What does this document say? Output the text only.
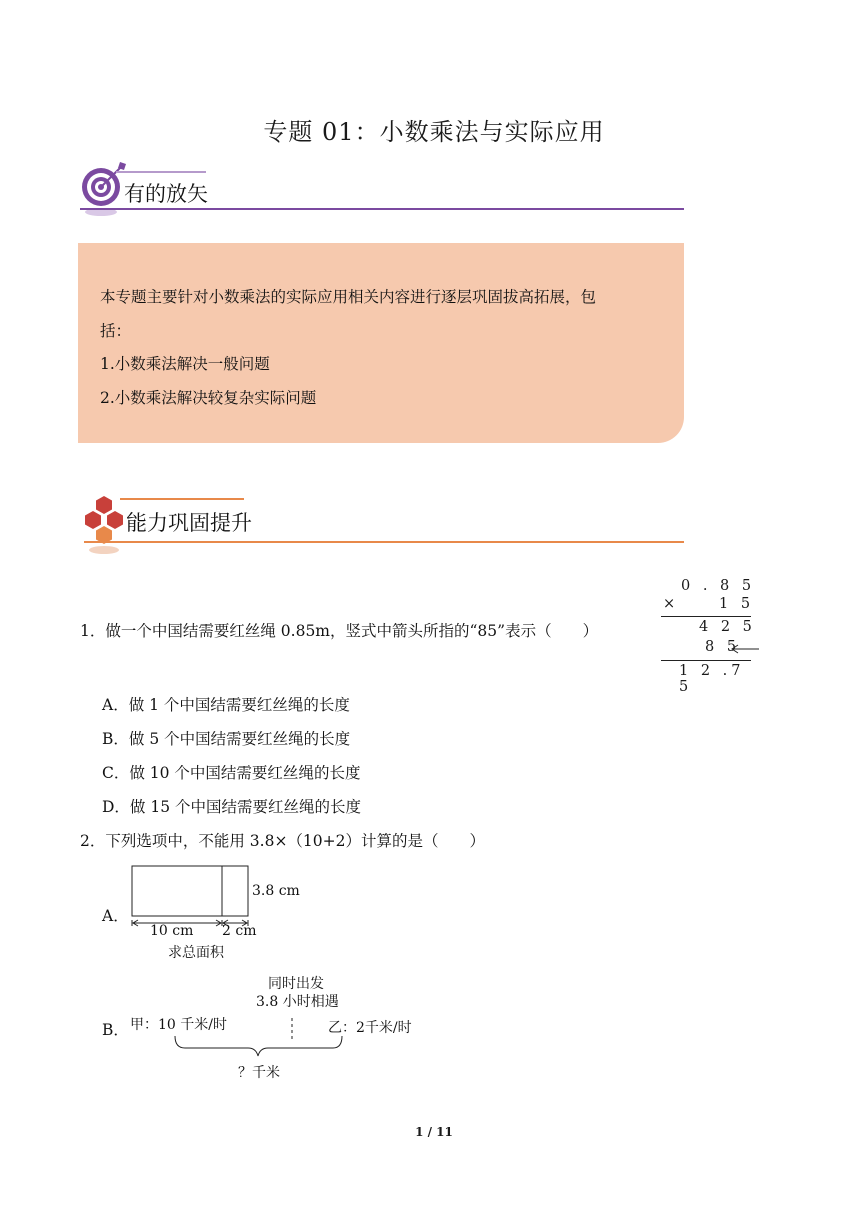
专题 01：小数乘法与实际应用
有的放矢
本专题主要针对小数乘法的实际应用相关内容进行逐层巩固拔高拓展，包
括：
1.小数乘法解决一般问题
2.小数乘法解决较复杂实际问题
能力巩固提升
1．做一个中国结需要红丝绳 0.85m，竖式中箭头所指的“85”表示（　　）
0 . 8 5
×	1 5
4 2 5
8 5
1 2 .7 5
A．做 1 个中国结需要红丝绳的长度
B．做 5 个中国结需要红丝绳的长度
C．做 10 个中国结需要红丝绳的长度
D．做 15 个中国结需要红丝绳的长度
2．下列选项中，不能用 3.8×（10+2）计算的是（　　）
A．
3.8 cm
10 cm 2 cm
求总面积
B．
同时出发
3.8 小时相遇
甲：10 千米/时	乙：2千米/时
？千米
1 / 11
